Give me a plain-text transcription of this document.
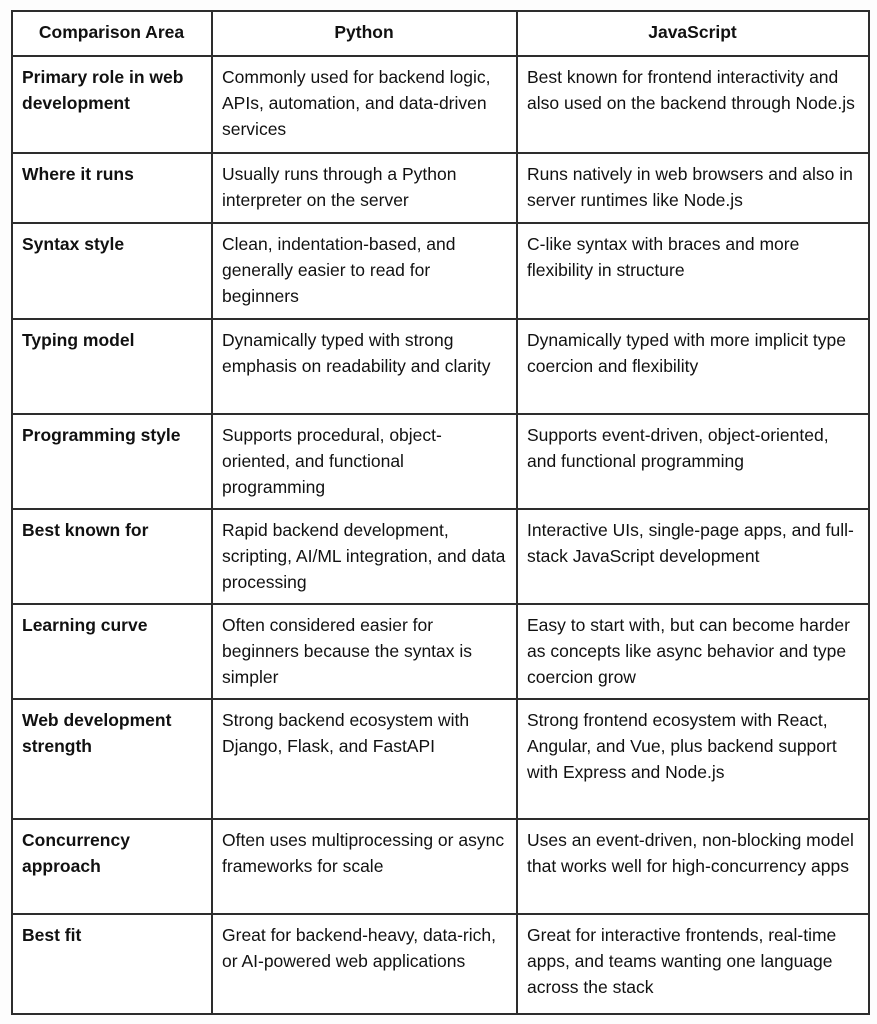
Comparison Area	Python	JavaScript
Primary role in web development	Commonly used for backend logic, APIs, automation, and data-driven services	Best known for frontend interactivity and also used on the backend through Node.js
Where it runs	Usually runs through a Python interpreter on the server	Runs natively in web browsers and also in server runtimes like Node.js
Syntax style	Clean, indentation-based, and generally easier to read for beginners	C-like syntax with braces and more flexibility in structure
Typing model	Dynamically typed with strong emphasis on readability and clarity	Dynamically typed with more implicit type coercion and flexibility
Programming style	Supports procedural, object-oriented, and functional programming	Supports event-driven, object-oriented, and functional programming
Best known for	Rapid backend development, scripting, AI/ML integration, and data processing	Interactive UIs, single-page apps, and full-stack JavaScript development
Learning curve	Often considered easier for beginners because the syntax is simpler	Easy to start with, but can become harder as concepts like async behavior and type coercion grow
Web development strength	Strong backend ecosystem with Django, Flask, and FastAPI	Strong frontend ecosystem with React, Angular, and Vue, plus backend support with Express and Node.js
Concurrency approach	Often uses multiprocessing or async frameworks for scale	Uses an event-driven, non-blocking model that works well for high-concurrency apps
Best fit	Great for backend-heavy, data-rich, or AI-powered web applications	Great for interactive frontends, real-time apps, and teams wanting one language across the stack
